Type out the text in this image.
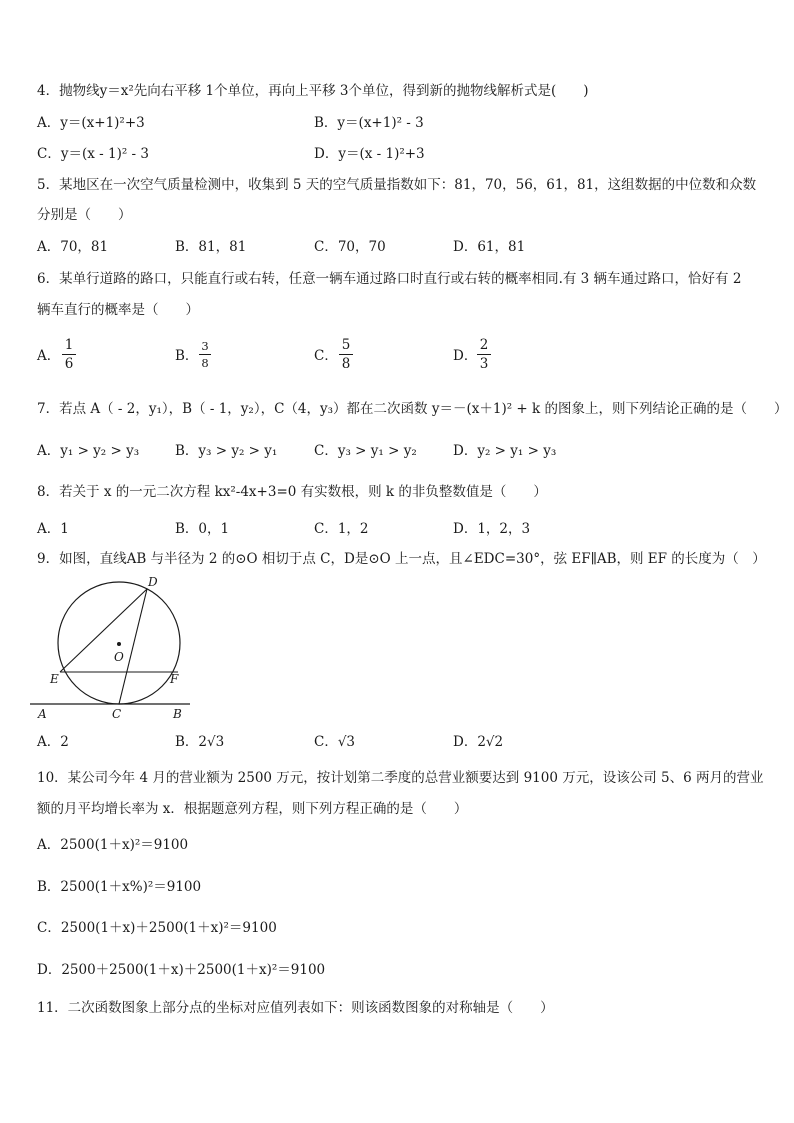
4．抛物线y＝x²先向右平移 1个单位，再向上平移 3个单位，得到新的抛物线解析式是(　　)
A．y＝(x+1)²+3	B．y＝(x+1)² - 3
C．y＝(x - 1)² - 3	D．y＝(x - 1)²+3
5．某地区在一次空气质量检测中，收集到 5 天的空气质量指数如下：81，70，56，61，81，这组数据的中位数和众数
分别是（　　）
A．70，81	B．81，81	C．70，70	D．61，81
6．某单行道路的路口，只能直行或右转，任意一辆车通过路口时直行或右转的概率相同.有 3 辆车通过路口，恰好有 2
辆车直行的概率是（　　）
A．
1
6	B．
3
8	C．
5
8	D．
2
3
7．若点 A（ - 2，y₁），B（ - 1，y₂），C（4，y₃）都在二次函数 y＝－(x＋1)² + k 的图象上，则下列结论正确的是（　　）
A．y₁ > y₂ > y₃	B．y₃ > y₂ > y₁	C．y₃ > y₁ > y₂	D．y₂ > y₁ > y₃
8．若关于 x 的一元二次方程 kx²-4x+3=0 有实数根，则 k 的非负整数值是（　　）
A．1	B．0，1	C．1，2	D．1，2，3
9．如图，直线AB 与半径为 2 的⊙O 相切于点 C，D是⊙O 上一点，且∠EDC=30°，弦 EF∥AB，则 EF 的长度为（　）
D
O
E	F
A	C	B
A．2	B．2√3	C．√3	D．2√2
10．某公司今年 4 月的营业额为 2500 万元，按计划第二季度的总营业额要达到 9100 万元，设该公司 5、6 两月的营业
额的月平均增长率为 x．根据题意列方程，则下列方程正确的是（　　）
A．2500(1＋x)²＝9100
B．2500(1＋x%)²＝9100
C．2500(1＋x)＋2500(1＋x)²＝9100
D．2500＋2500(1＋x)＋2500(1＋x)²＝9100
11．二次函数图象上部分点的坐标对应值列表如下：则该函数图象的对称轴是（　　）
